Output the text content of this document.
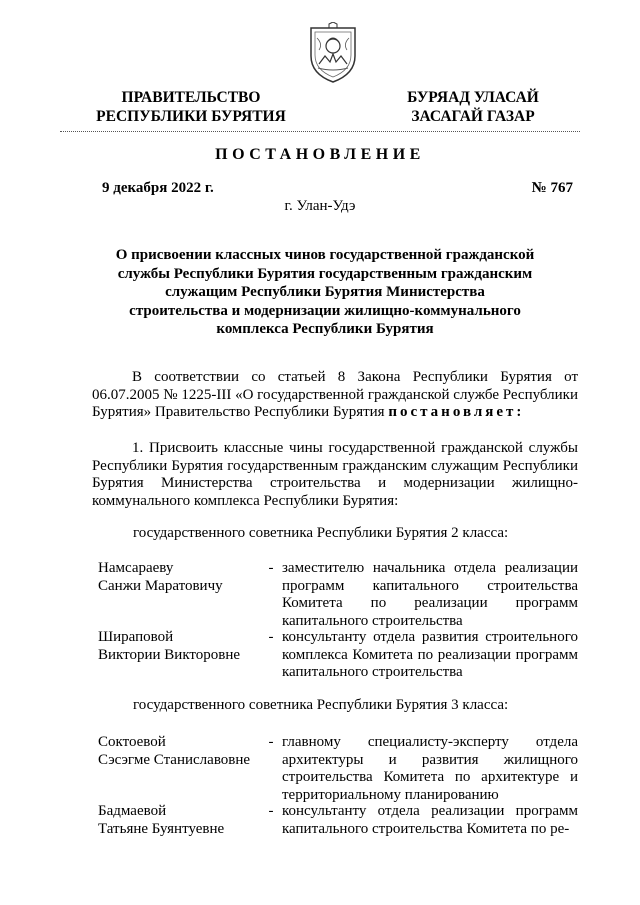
ПРАВИТЕЛЬСТВО
РЕСПУБЛИКИ БУРЯТИЯ
БУРЯАД УЛАСАЙ
ЗАСАГАЙ ГАЗАР
ПОСТАНОВЛЕНИЕ
9 декабря 2022 г.	№ 767
г. Улан-Удэ
О присвоении классных чинов государственной гражданской службы Республики Бурятия государственным гражданским служащим Республики Бурятия Министерства строительства и модернизации жилищно-коммунального комплекса Республики Бурятия
В соответствии со статьей 8 Закона Республики Бурятия от 06.07.2005 № 1225-III «О государственной гражданской службе Республики Бурятия» Правительство Республики Бурятия постановляет:
1. Присвоить классные чины государственной гражданской службы Республики Бурятия государственным гражданским служащим Республики Бурятия Министерства строительства и модернизации жилищно-коммунального комплекса Республики Бурятия:
государственного советника Республики Бурятия 2 класса:
Намсараеву
Санжи Маратовичу
- заместителю начальника отдела реализации программ капитального строительства Комитета по реализации программ капитального строительства
Шираповой
Виктории Викторовне
- консультанту отдела развития строительного комплекса Комитета по реализации программ капитального строительства
государственного советника Республики Бурятия 3 класса:
Соктоевой
Сэсэгме Станиславовне
- главному специалисту-эксперту отдела архитектуры и развития жилищного строительства Комитета по архитектуре и территориальному планированию
Бадмаевой
Татьяне Буянтуевне
- консультанту отдела реализации программ капитального строительства Комитета по ре-
